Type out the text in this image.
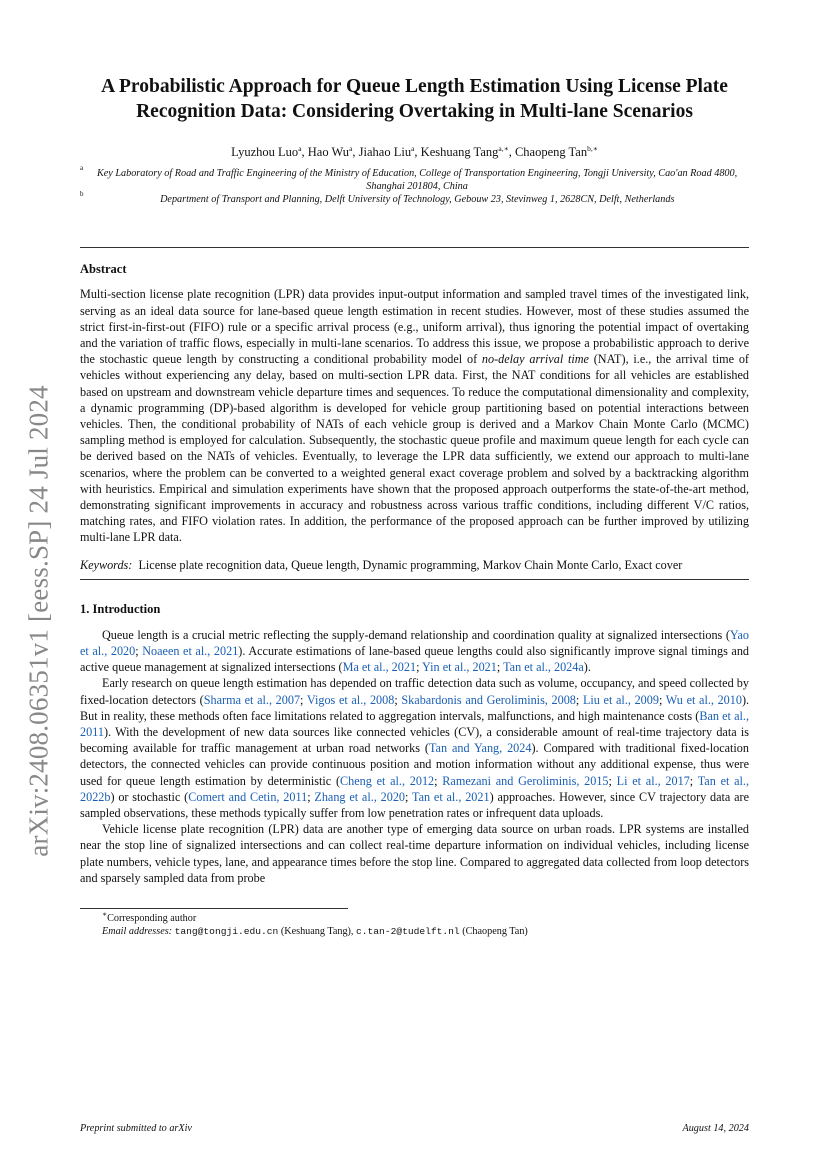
arXiv:2408.06351v1 [eess.SP] 24 Jul 2024
A Probabilistic Approach for Queue Length Estimation Using License Plate Recognition Data: Considering Overtaking in Multi-lane Scenarios
Lyuzhou Luo$^a$, Hao Wu$^a$, Jiahao Liu$^a$, Keshuang Tang$^{a,∗}$, Chaopeng Tan$^{b,∗}$
a	Key Laboratory of Road and Traffic Engineering of the Ministry of Education, College of Transportation Engineering, Tongji University, Cao'an Road 4800, Shanghai 201804, China
b	Department of Transport and Planning, Delft University of Technology, Gebouw 23, Stevinweg 1, 2628CN, Delft, Netherlands
Abstract

Multi-section license plate recognition (LPR) data provides input-output information and sampled travel times of the investigated link, serving as an ideal data source for lane-based queue length estimation in recent studies. However, most of these studies assumed the strict first-in-first-out (FIFO) rule or a specific arrival process (e.g., uniform arrival), thus ignoring the potential impact of overtaking and the variation of traffic flows, especially in multi-lane scenarios. To address this issue, we propose a probabilistic approach to derive the stochastic queue length by constructing a conditional probability model of no-delay arrival time (NAT), i.e., the arrival time of vehicles without experiencing any delay, based on multi-section LPR data. First, the NAT conditions for all vehicles are established based on upstream and downstream vehicle departure times and sequences. To reduce the computational dimensionality and complexity, a dynamic programming (DP)-based algorithm is developed for vehicle group partitioning based on potential interactions between vehicles. Then, the conditional probability of NATs of each vehicle group is derived and a Markov Chain Monte Carlo (MCMC) sampling method is employed for calculation. Subsequently, the stochastic queue profile and maximum queue length for each cycle can be derived based on the NATs of vehicles. Eventually, to leverage the LPR data sufficiently, we extend our approach to multi-lane scenarios, where the problem can be converted to a weighted general exact coverage problem and solved by a backtracking algorithm with heuristics. Empirical and simulation experiments have shown that the proposed approach outperforms the state-of-the-art method, demonstrating significant improvements in accuracy and robustness across various traffic conditions, including different V/C ratios, matching rates, and FIFO violation rates. In addition, the performance of the proposed approach can be further improved by utilizing multi-lane LPR data.

Keywords: License plate recognition data, Queue length, Dynamic programming, Markov Chain Monte Carlo, Exact cover

1. Introduction

Queue length is a crucial metric reflecting the supply-demand relationship and coordination quality at signalized intersections (Yao et al., 2020; Noaeen et al., 2021). Accurate estimations of lane-based queue lengths could also significantly improve signal timings and active queue management at signalized intersections (Ma et al., 2021; Yin et al., 2021; Tan et al., 2024a).

Early research on queue length estimation has depended on traffic detection data such as volume, occupancy, and speed collected by fixed-location detectors (Sharma et al., 2007; Vigos et al., 2008; Skabardonis and Geroliminis, 2008; Liu et al., 2009; Wu et al., 2010). But in reality, these methods often face limitations related to aggregation intervals, malfunctions, and high maintenance costs (Ban et al., 2011). With the development of new data sources like connected vehicles (CV), a considerable amount of real-time trajectory data is becoming available for traffic management at urban road networks (Tan and Yang, 2024). Compared with traditional fixed-location detectors, the connected vehicles can provide continuous position and motion information without any additional expense, thus were used for queue length estimation by deterministic (Cheng et al., 2012; Ramezani and Geroliminis, 2015; Li et al., 2017; Tan et al., 2022b) or stochastic (Comert and Cetin, 2011; Zhang et al., 2020; Tan et al., 2021) approaches. However, since CV trajectory data are sampled observations, these methods typically suffer from low penetration rates or infrequent data uploads.

Vehicle license plate recognition (LPR) data are another type of emerging data source on urban roads. LPR systems are installed near the stop line of signalized intersections and can collect real-time departure information on individual vehicles, including license plate numbers, vehicle types, lane, and appearance times before the stop line. Compared to aggregated data collected from loop detectors and sparsely sampled data from probe

∗Corresponding author
Email addresses: tang@tongji.edu.cn (Keshuang Tang), c.tan-2@tudelft.nl (Chaopeng Tan)
Preprint submitted to arXiv	August 14, 2024
